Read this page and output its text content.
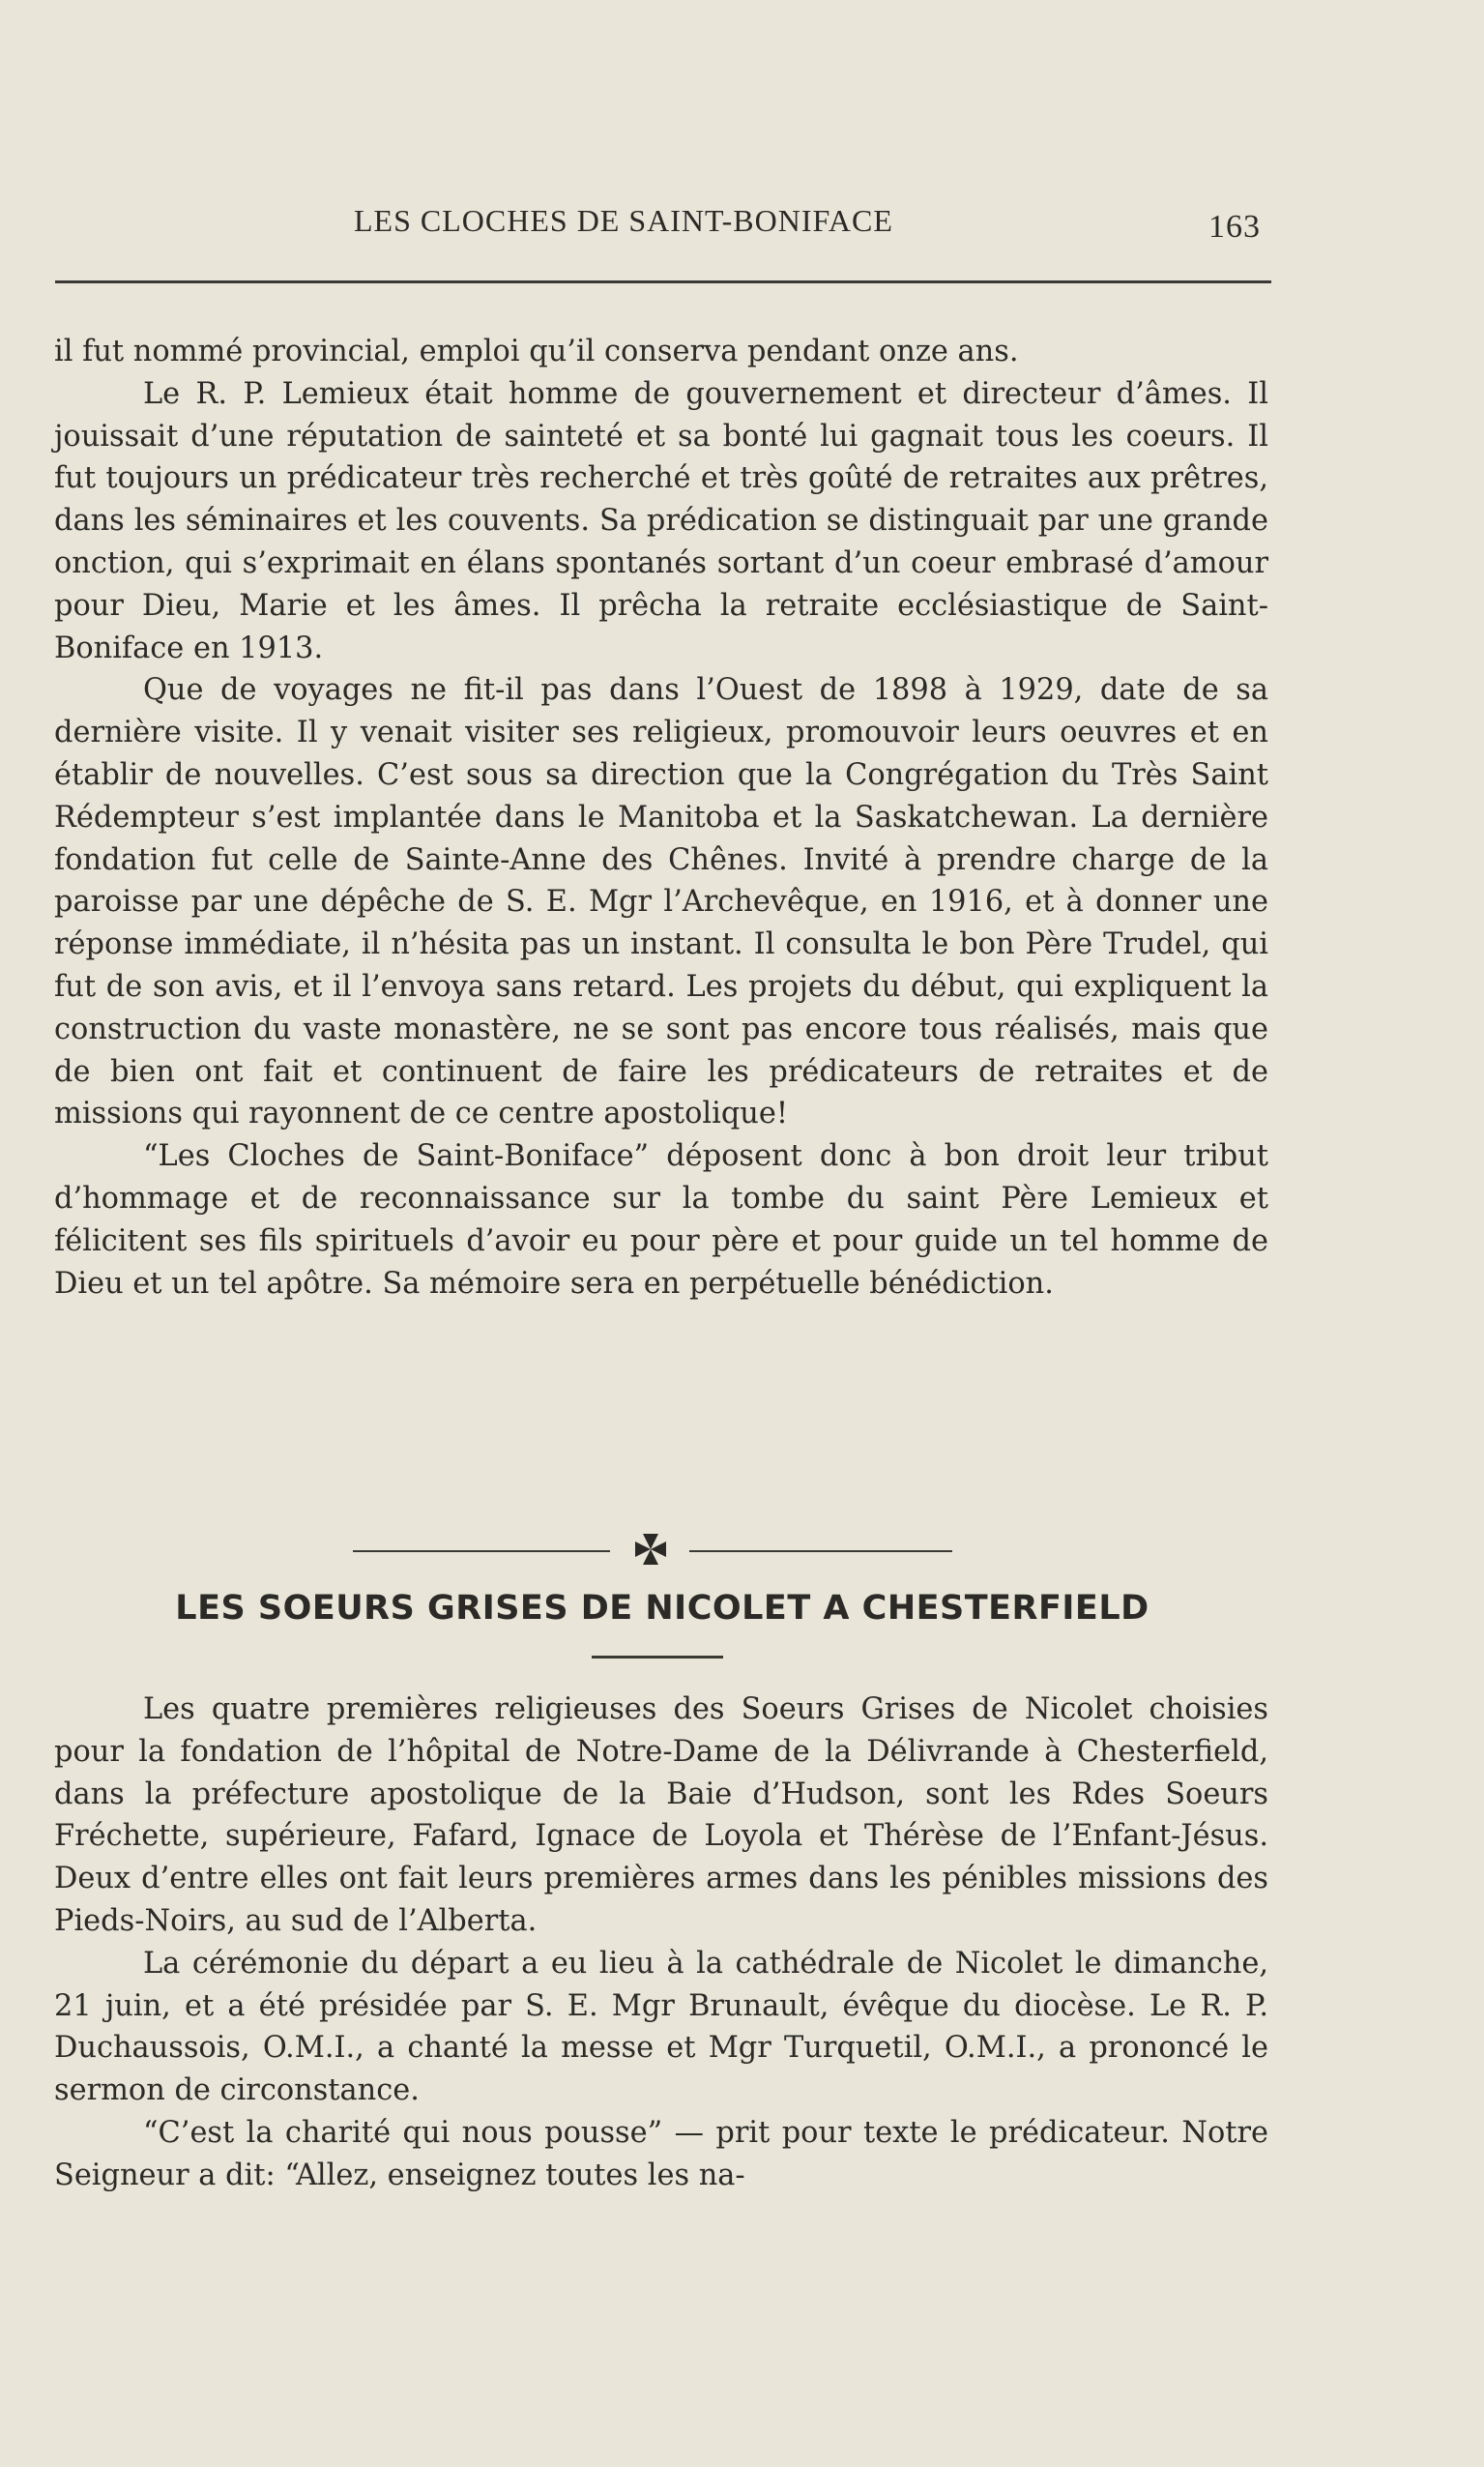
LES CLOCHES DE SAINT-BONIFACE	163

il fut nommé provincial, emploi qu’il conserva pendant onze ans.

Le R. P. Lemieux était homme de gouvernement et directeur d’âmes. Il jouissait d’une réputation de sainteté et sa bonté lui gagnait tous les coeurs. Il fut toujours un prédicateur très recherché et très goûté de retraites aux prêtres, dans les séminaires et les couvents. Sa prédication se distinguait par une grande onction, qui s’exprimait en élans spontanés sortant d’un coeur embrasé d’amour pour Dieu, Marie et les âmes. Il prêcha la retraite ecclésiastique de Saint-Boniface en 1913.

Que de voyages ne fit-il pas dans l’Ouest de 1898 à 1929, date de sa dernière visite. Il y venait visiter ses religieux, promouvoir leurs oeuvres et en établir de nouvelles. C’est sous sa direction que la Congrégation du Très Saint Rédempteur s’est implantée dans le Manitoba et la Saskatchewan. La dernière fondation fut celle de Sainte-Anne des Chênes. Invité à prendre charge de la paroisse par une dépêche de S. E. Mgr l’Archevêque, en 1916, et à donner une réponse immédiate, il n’hésita pas un instant. Il consulta le bon Père Trudel, qui fut de son avis, et il l’envoya sans retard. Les projets du début, qui expliquent la construction du vaste monastère, ne se sont pas encore tous réalisés, mais que de bien ont fait et continuent de faire les prédicateurs de retraites et de missions qui rayonnent de ce centre apostolique!

“Les Cloches de Saint-Boniface” déposent donc à bon droit leur tribut d’hommage et de reconnaissance sur la tombe du saint Père Lemieux et félicitent ses fils spirituels d’avoir eu pour père et pour guide un tel homme de Dieu et un tel apôtre. Sa mémoire sera en perpétuelle bénédiction.

LES SOEURS GRISES DE NICOLET A CHESTERFIELD

Les quatre premières religieuses des Soeurs Grises de Nicolet choisies pour la fondation de l’hôpital de Notre-Dame de la Délivrande à Chesterfield, dans la préfecture apostolique de la Baie d’Hudson, sont les Rdes Soeurs Fréchette, supérieure, Fafard, Ignace de Loyola et Thérèse de l’Enfant-Jésus. Deux d’entre elles ont fait leurs premières armes dans les pénibles missions des Pieds-Noirs, au sud de l’Alberta.

La cérémonie du départ a eu lieu à la cathédrale de Nicolet le dimanche, 21 juin, et a été présidée par S. E. Mgr Brunault, évêque du diocèse. Le R. P. Duchaussois, O.M.I., a chanté la messe et Mgr Turquetil, O.M.I., a prononcé le sermon de circonstance.

“C’est la charité qui nous pousse” — prit pour texte le prédicateur. Notre Seigneur a dit: “Allez, enseignez toutes les na-
